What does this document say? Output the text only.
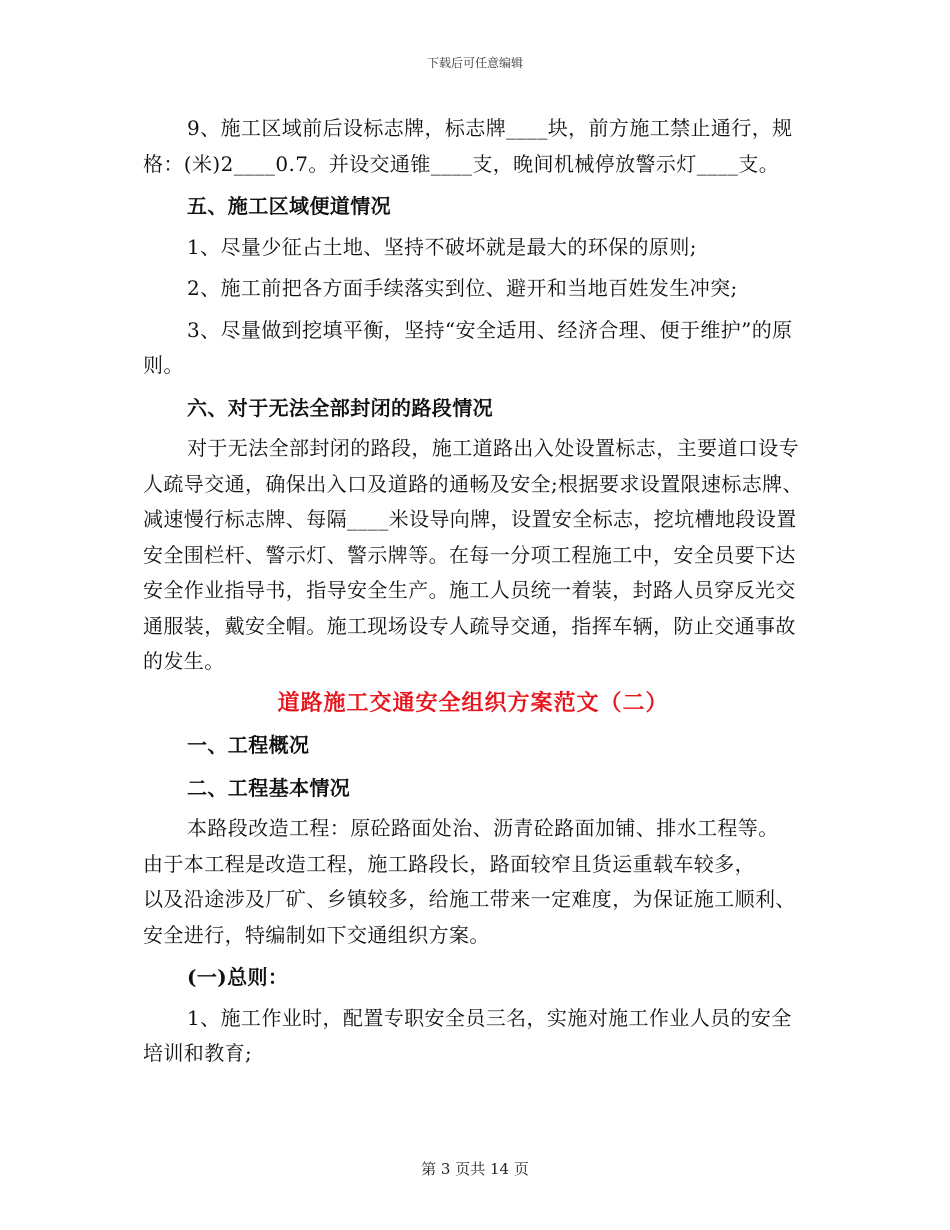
下载后可任意编辑

9、施工区域前后设标志牌，标志牌____块，前方施工禁止通行，规格：(米)2____0.7。并设交通锥____支，晚间机械停放警示灯____支。

五、施工区域便道情况

1、尽量少征占土地、坚持不破坏就是最大的环保的原则;

2、施工前把各方面手续落实到位、避开和当地百姓发生冲突;

3、尽量做到挖填平衡，坚持“安全适用、经济合理、便于维护”的原则。

六、对于无法全部封闭的路段情况

对于无法全部封闭的路段，施工道路出入处设置标志，主要道口设专人疏导交通，确保出入口及道路的通畅及安全;根据要求设置限速标志牌、减速慢行标志牌、每隔____米设导向牌，设置安全标志，挖坑槽地段设置安全围栏杆、警示灯、警示牌等。在每一分项工程施工中，安全员要下达安全作业指导书，指导安全生产。施工人员统一着装，封路人员穿反光交通服装，戴安全帽。施工现场设专人疏导交通，指挥车辆，防止交通事故的发生。

道路施工交通安全组织方案范文（二）

一、工程概况

二、工程基本情况

本路段改造工程：原砼路面处治、沥青砼路面加铺、排水工程等。

由于本工程是改造工程，施工路段长，路面较窄且货运重载车较多，

以及沿途涉及厂矿、乡镇较多，给施工带来一定难度，为保证施工顺利、安全进行，特编制如下交通组织方案。

(一)总则：

1、施工作业时，配置专职安全员三名，实施对施工作业人员的安全培训和教育;

第 3 页共 14 页
